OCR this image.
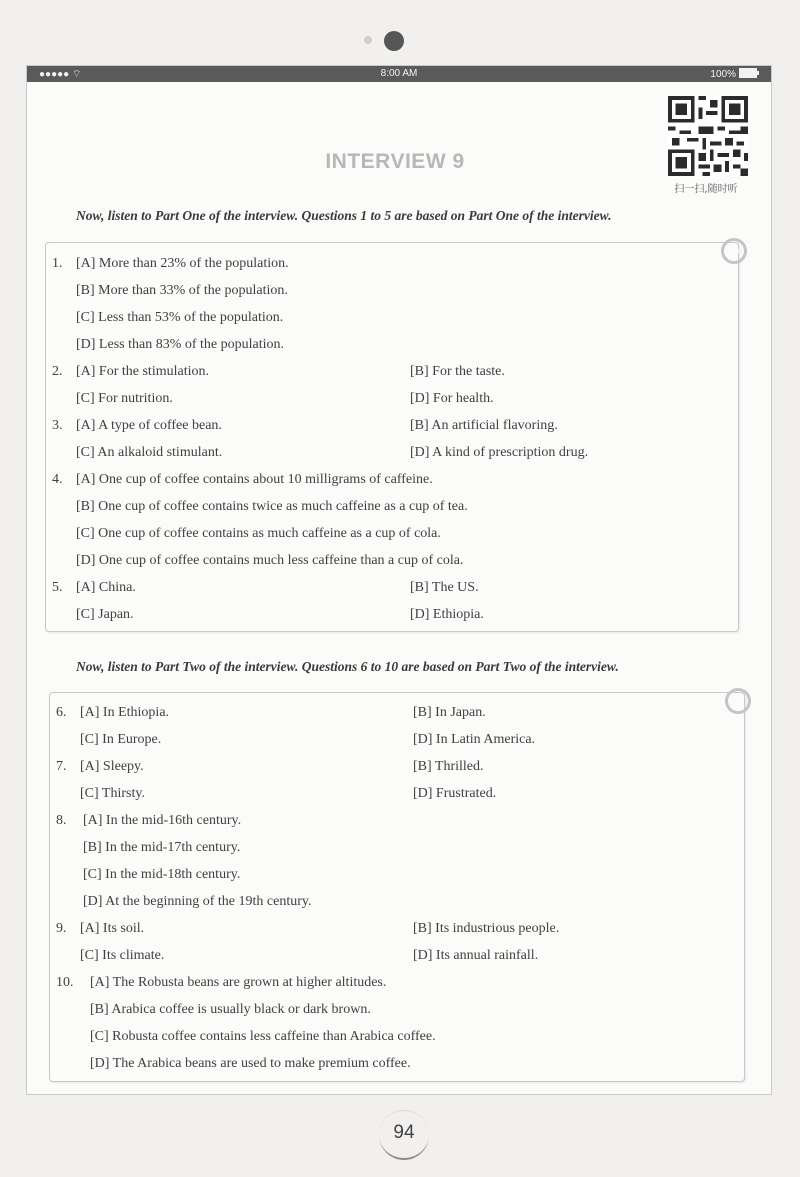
●●●●● ⌔	8:00 AM	100%
INTERVIEW 9
扫一扫,随时听
Now, listen to Part One of the interview. Questions 1 to 5 are based on Part One of the interview.
1. [A] More than 23% of the population.
[B] More than 33% of the population.
[C] Less than 53% of the population.
[D] Less than 83% of the population.
2. [A] For the stimulation.	[B] For the taste.
[C] For nutrition.	[D] For health.
3. [A] A type of coffee bean.	[B] An artificial flavoring.
[C] An alkaloid stimulant.	[D] A kind of prescription drug.
4. [A] One cup of coffee contains about 10 milligrams of caffeine.
[B] One cup of coffee contains twice as much caffeine as a cup of tea.
[C] One cup of coffee contains as much caffeine as a cup of cola.
[D] One cup of coffee contains much less caffeine than a cup of cola.
5. [A] China.	[B] The US.
[C] Japan.	[D] Ethiopia.
Now, listen to Part Two of the interview. Questions 6 to 10 are based on Part Two of the interview.
6. [A] In Ethiopia.	[B] In Japan.
[C] In Europe.	[D] In Latin America.
7. [A] Sleepy.	[B] Thrilled.
[C] Thirsty.	[D] Frustrated.
8. [A] In the mid-16th century.
[B] In the mid-17th century.
[C] In the mid-18th century.
[D] At the beginning of the 19th century.
9. [A] Its soil.	[B] Its industrious people.
[C] Its climate.	[D] Its annual rainfall.
10. [A] The Robusta beans are grown at higher altitudes.
[B] Arabica coffee is usually black or dark brown.
[C] Robusta coffee contains less caffeine than Arabica coffee.
[D] The Arabica beans are used to make premium coffee.
94
